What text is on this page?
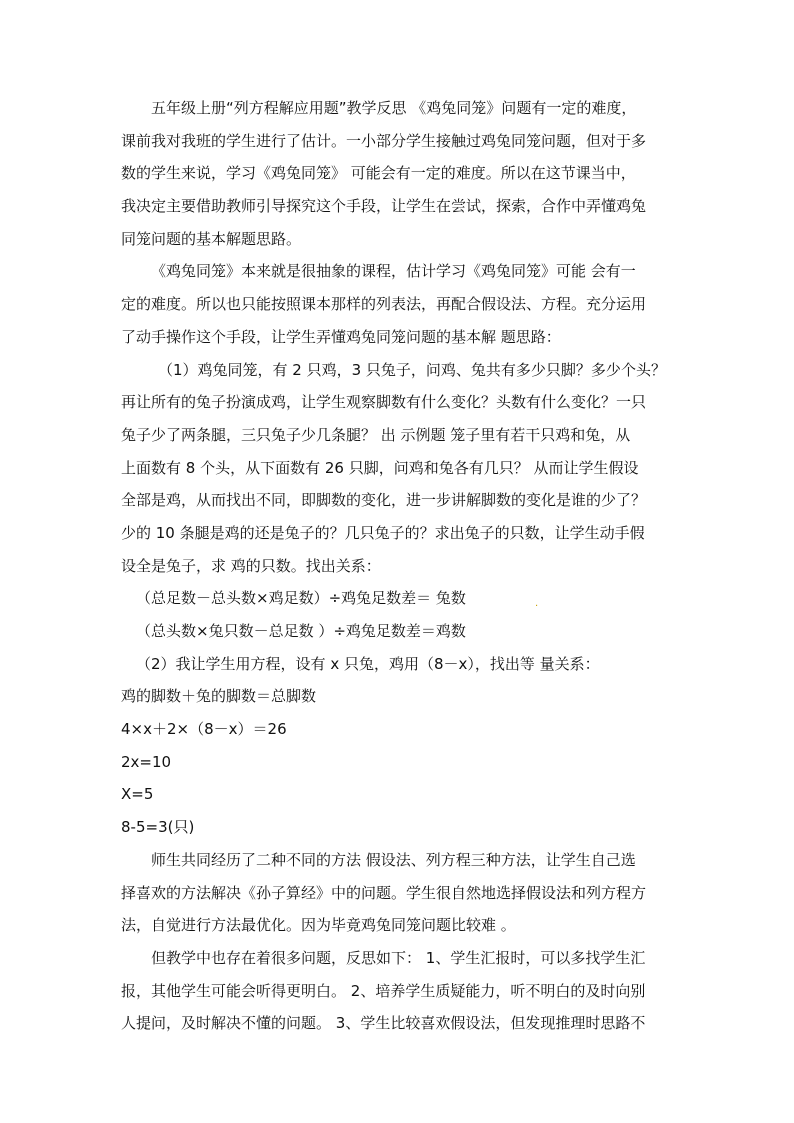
五年级上册“列方程解应用题”教学反思 《鸡兔同笼》问题有一定的难度，
课前我对我班的学生进行了估计。一小部分学生接触过鸡兔同笼问题，但对于多
数的学生来说，学习《鸡兔同笼》 可能会有一定的难度。所以在这节课当中，
我决定主要借助教师引导探究这个手段，让学生在尝试，探索，合作中弄懂鸡兔
同笼问题的基本解题思路。
《鸡兔同笼》本来就是很抽象的课程，估计学习《鸡兔同笼》可能 会有一
定的难度。所以也只能按照课本那样的列表法，再配合假设法、方程。充分运用
了动手操作这个手段，让学生弄懂鸡兔同笼问题的基本解 题思路：
（1）鸡兔同笼，有 2 只鸡，3 只兔子，问鸡、兔共有多少只脚？多少个头？
再让所有的兔子扮演成鸡，让学生观察脚数有什么变化？头数有什么变化？一只
兔子少了两条腿，三只兔子少几条腿？ 出 示例题 笼子里有若干只鸡和兔，从
上面数有 8 个头，从下面数有 26 只脚，问鸡和兔各有几只？ 从而让学生假设
全部是鸡，从而找出不同，即脚数的变化，进一步讲解脚数的变化是谁的少了？
少的 10 条腿是鸡的还是兔子的？几只兔子的？求出兔子的只数，让学生动手假
设全是兔子，求 鸡的只数。找出关系：
（总足数－总头数×鸡足数）÷鸡兔足数差＝ 兔数
（总头数×兔只数－总足数 ）÷鸡兔足数差＝鸡数
（2）我让学生用方程，设有 x 只兔，鸡用（8－x），找出等 量关系：
鸡的脚数＋兔的脚数＝总脚数
4×x＋2×（8－x）＝26
2x=10
X=5
8-5=3(只)
师生共同经历了二种不同的方法 假设法、列方程三种方法，让学生自己选
择喜欢的方法解决《孙子算经》中的问题。学生很自然地选择假设法和列方程方
法，自觉进行方法最优化。因为毕竟鸡兔同笼问题比较难 。
但教学中也存在着很多问题，反思如下： 1、学生汇报时，可以多找学生汇
报，其他学生可能会听得更明白。 2、培养学生质疑能力，听不明白的及时向别
人提问，及时解决不懂的问题。 3、学生比较喜欢假设法，但发现推理时思路不
.
